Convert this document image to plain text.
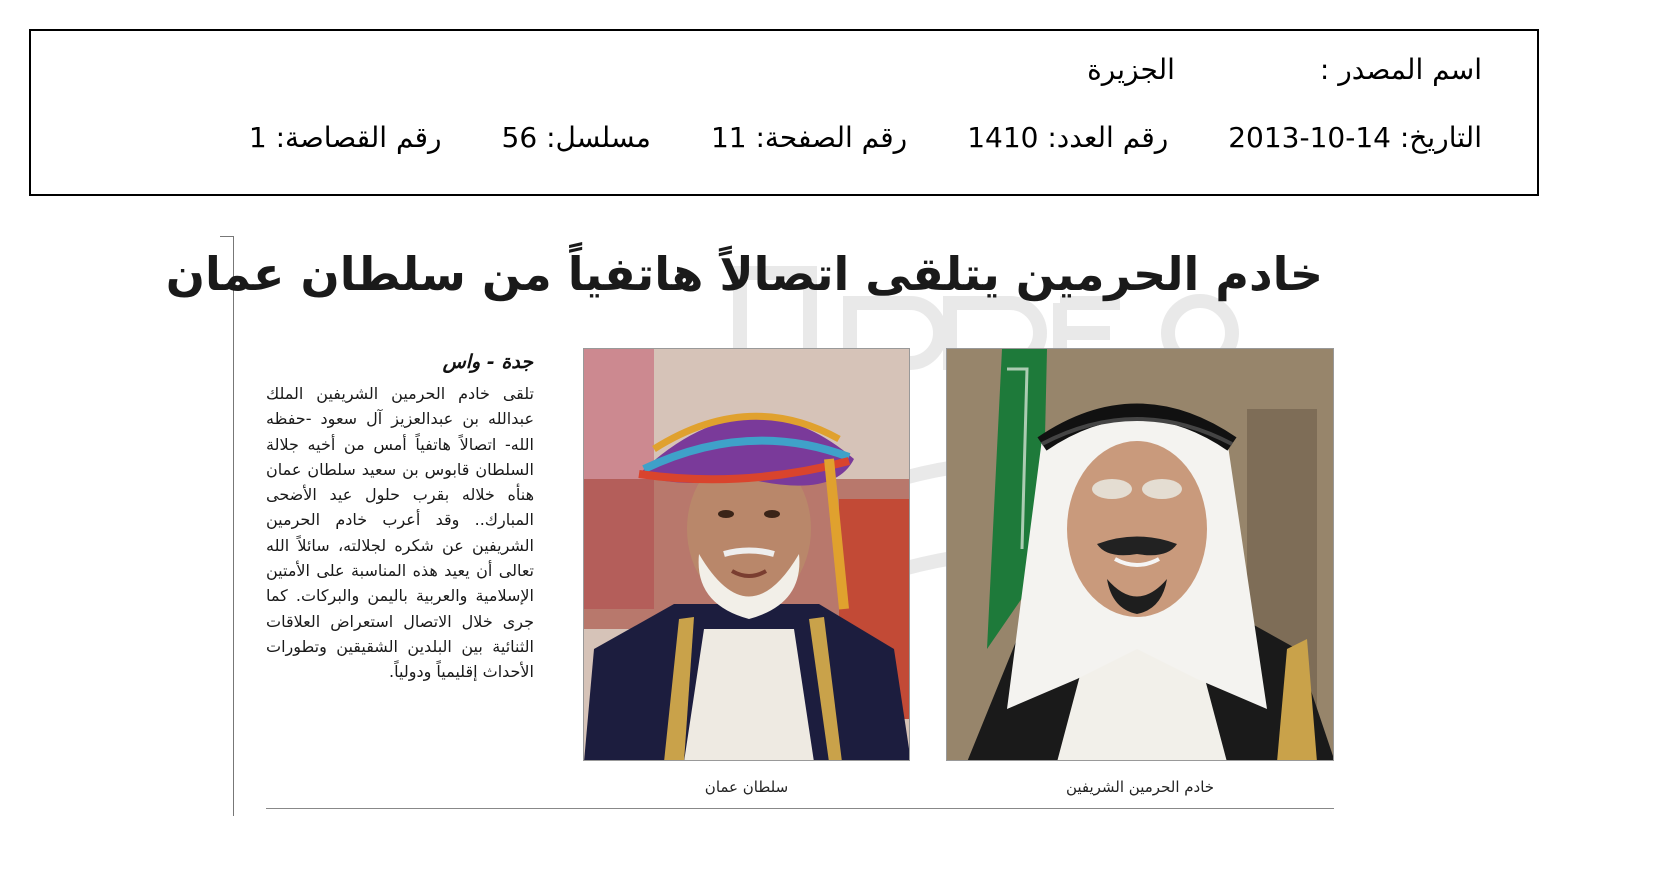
اسم المصدر :الجزيرة
التاريخ: 2013-10-14رقم العدد: 1410رقم الصفحة: 11مسلسل: 56رقم القصاصة: 1
خادم الحرمين يتلقى اتصالاً هاتفياً من سلطان عمان
خادم الحرمين الشريفين
سلطان عمان
جدة - واس
تلقى خادم الحرمين الشريفين الملك عبدالله بن عبدالعزيز آل سعود -حفظه الله- اتصالاً هاتفياً أمس من أخيه جلالة السلطان قابوس بن سعيد سلطان عمان هنأه خلاله بقرب حلول عيد الأضحى المبارك.. وقد أعرب خادم الحرمين الشريفين عن شكره لجلالته، سائلاً الله تعالى أن يعيد هذه المناسبة على الأمتين الإسلامية والعربية باليمن والبركات. كما جرى خلال الاتصال استعراض العلاقات الثنائية بين البلدين الشقيقين وتطورات الأحداث إقليمياً ودولياً.
